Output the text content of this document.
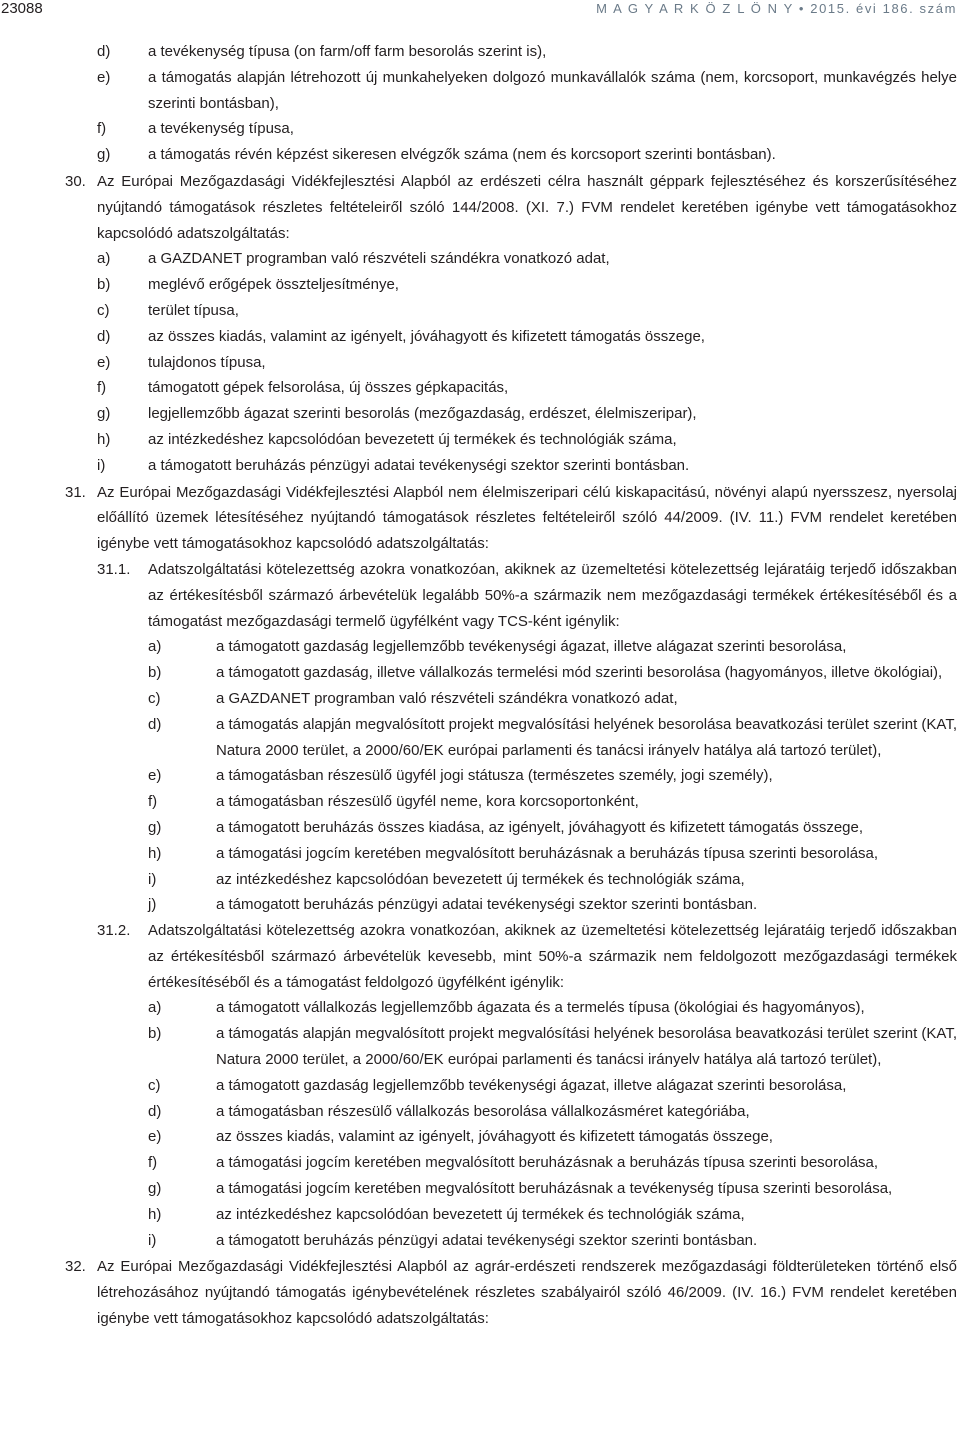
23088	M A G Y A R K Ö Z L Ö N Y • 2015. évi 186. szám
d)	a tevékenység típusa (on farm/off farm besorolás szerint is),
e)	a támogatás alapján létrehozott új munkahelyeken dolgozó munkavállalók száma (nem, korcsoport, munkavégzés helye szerinti bontásban),
f)	a tevékenység típusa,
g)	a támogatás révén képzést sikeresen elvégzők száma (nem és korcsoport szerinti bontásban).
30. Az Európai Mezőgazdasági Vidékfejlesztési Alapból az erdészeti célra használt géppark fejlesztéséhez és korszerűsítéséhez nyújtandó támogatások részletes feltételeiről szóló 144/2008. (XI. 7.) FVM rendelet keretében igénybe vett támogatásokhoz kapcsolódó adatszolgáltatás:
a)	a GAZDANET programban való részvételi szándékra vonatkozó adat,
b)	meglévő erőgépek összteljesítménye,
c)	terület típusa,
d)	az összes kiadás, valamint az igényelt, jóváhagyott és kifizetett támogatás összege,
e)	tulajdonos típusa,
f)	támogatott gépek felsorolása, új összes gépkapacitás,
g)	legjellemzőbb ágazat szerinti besorolás (mezőgazdaság, erdészet, élelmiszeripar),
h)	az intézkedéshez kapcsolódóan bevezetett új termékek és technológiák száma,
i)	a támogatott beruházás pénzügyi adatai tevékenységi szektor szerinti bontásban.
31. Az Európai Mezőgazdasági Vidékfejlesztési Alapból nem élelmiszeripari célú kiskapacitású, növényi alapú nyersszesz, nyersolaj előállító üzemek létesítéséhez nyújtandó támogatások részletes feltételeiről szóló 44/2009. (IV. 11.) FVM rendelet keretében igénybe vett támogatásokhoz kapcsolódó adatszolgáltatás:
31.1. Adatszolgáltatási kötelezettség azokra vonatkozóan, akiknek az üzemeltetési kötelezettség lejáratáig terjedő időszakban az értékesítésből származó árbevételük legalább 50%-a származik nem mezőgazdasági termékek értékesítéséből és a támogatást mezőgazdasági termelő ügyfélként vagy TCS-ként igénylik:
a)	a támogatott gazdaság legjellemzőbb tevékenységi ágazat, illetve alágazat szerinti besorolása,
b)	a támogatott gazdaság, illetve vállalkozás termelési mód szerinti besorolása (hagyományos, illetve ökológiai),
c)	a GAZDANET programban való részvételi szándékra vonatkozó adat,
d)	a támogatás alapján megvalósított projekt megvalósítási helyének besorolása beavatkozási terület szerint (KAT, Natura 2000 terület, a 2000/60/EK európai parlamenti és tanácsi irányelv hatálya alá tartozó terület),
e)	a támogatásban részesülő ügyfél jogi státusza (természetes személy, jogi személy),
f)	a támogatásban részesülő ügyfél neme, kora korcsoportonként,
g)	a támogatott beruházás összes kiadása, az igényelt, jóváhagyott és kifizetett támogatás összege,
h)	a támogatási jogcím keretében megvalósított beruházásnak a beruházás típusa szerinti besorolása,
i)	az intézkedéshez kapcsolódóan bevezetett új termékek és technológiák száma,
j)	a támogatott beruházás pénzügyi adatai tevékenységi szektor szerinti bontásban.
31.2. Adatszolgáltatási kötelezettség azokra vonatkozóan, akiknek az üzemeltetési kötelezettség lejáratáig terjedő időszakban az értékesítésből származó árbevételük kevesebb, mint 50%-a származik nem feldolgozott mezőgazdasági termékek értékesítéséből és a támogatást feldolgozó ügyfélként igénylik:
a)	a támogatott vállalkozás legjellemzőbb ágazata és a termelés típusa (ökológiai és hagyományos),
b)	a támogatás alapján megvalósított projekt megvalósítási helyének besorolása beavatkozási terület szerint (KAT, Natura 2000 terület, a 2000/60/EK európai parlamenti és tanácsi irányelv hatálya alá tartozó terület),
c)	a támogatott gazdaság legjellemzőbb tevékenységi ágazat, illetve alágazat szerinti besorolása,
d)	a támogatásban részesülő vállalkozás besorolása vállalkozásméret kategóriába,
e)	az összes kiadás, valamint az igényelt, jóváhagyott és kifizetett támogatás összege,
f)	a támogatási jogcím keretében megvalósított beruházásnak a beruházás típusa szerinti besorolása,
g)	a támogatási jogcím keretében megvalósított beruházásnak a tevékenység típusa szerinti besorolása,
h)	az intézkedéshez kapcsolódóan bevezetett új termékek és technológiák száma,
i)	a támogatott beruházás pénzügyi adatai tevékenységi szektor szerinti bontásban.
32. Az Európai Mezőgazdasági Vidékfejlesztési Alapból az agrár-erdészeti rendszerek mezőgazdasági földterületeken történő első létrehozásához nyújtandó támogatás igénybevételének részletes szabályairól szóló 46/2009. (IV. 16.) FVM rendelet keretében igénybe vett támogatásokhoz kapcsolódó adatszolgáltatás:
